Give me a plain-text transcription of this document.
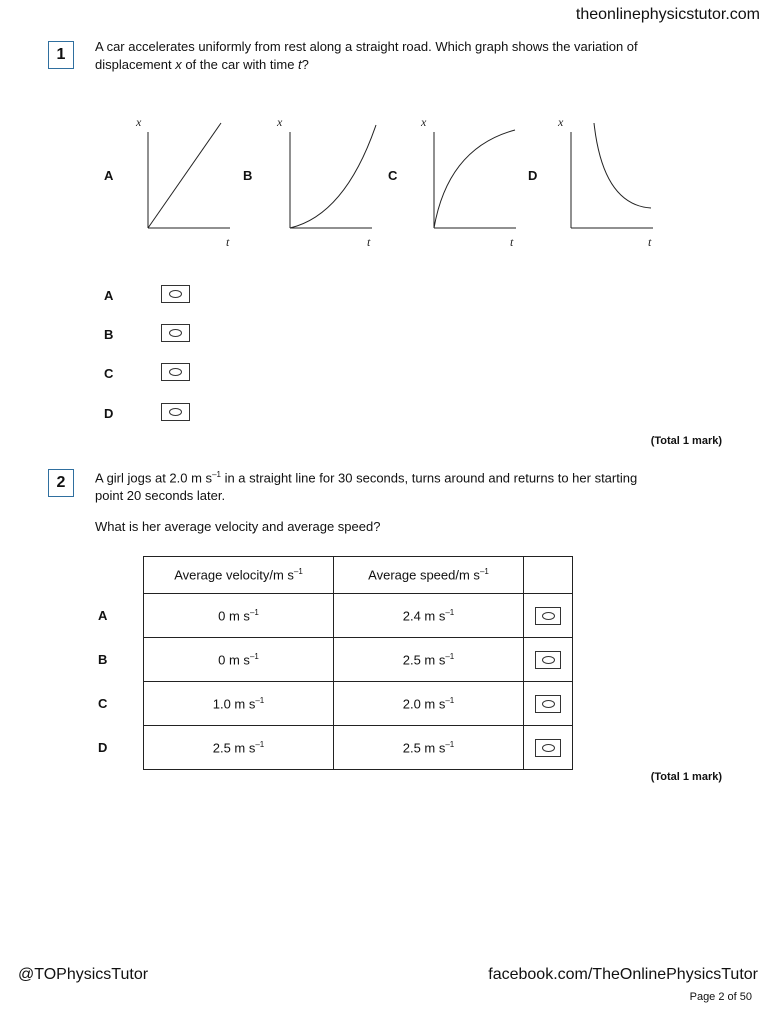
theonlinephysicstutor.com
1	A car accelerates uniformly from rest along a straight road. Which graph shows the variation of
displacement x of the car with time t?
A	B	C	D
x
t
x
t
x
t
x
t
A
B
C
D
(Total 1 mark)
2	A girl jogs at 2.0 m $s^{-1}$ in a straight line for 30 seconds, turns around and returns to her starting
point 20 seconds later.
What is her average velocity and average speed?
A
B
C
D
Average velocity/m $s^{-1}$	Average speed/m $s^{-1}$	
0 m $s^{-1}$	2.4 m $s^{-1}$	

0 m $s^{-1}$	2.5 m $s^{-1}$	

1.0 m $s^{-1}$	2.0 m $s^{-1}$	

2.5 m $s^{-1}$	2.5 m $s^{-1}$	
(Total 1 mark)
@TOPhysicsTutor	facebook.com/TheOnlinePhysicsTutor
Page 2 of 50
